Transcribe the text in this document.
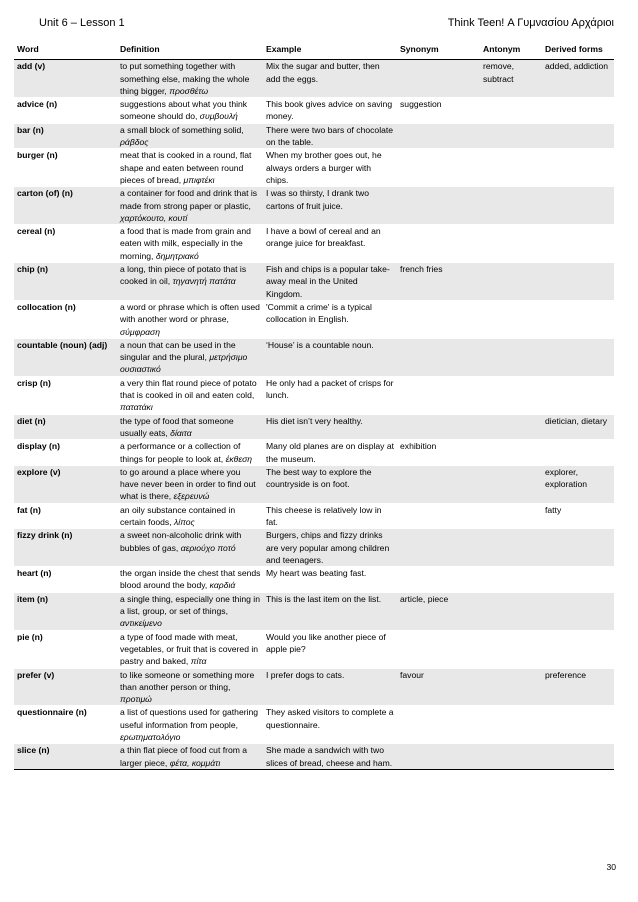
Unit 6 – Lesson 1	Think Teen! Α Γυμνασίου Αρχάριοι
Word	Definition	Example	Synonym	Antonym	Derived forms
add (v)	to put something together with something else, making the whole thing bigger, προσθέτω	Mix the sugar and butter, then add the eggs.		remove, subtract	added, addiction
advice (n)	suggestions about what you think someone should do, συμβουλή	This book gives advice on saving money.	suggestion		
bar (n)	a small block of something solid, ράβδος	There were two bars of chocolate on the table.			
burger (n)	meat that is cooked in a round, flat shape and eaten between round pieces of bread, μπιφτέκι	When my brother goes out, he always orders a burger with chips.			
carton (of) (n)	a container for food and drink that is made from strong paper or plastic, χαρτόκουτο, κουτί	I was so thirsty, I drank two cartons of fruit juice.			
cereal (n)	a food that is made from grain and eaten with milk, especially in the morning, δημητριακό	I have a bowl of cereal and an orange juice for breakfast.			
chip (n)	a long, thin piece of potato that is cooked in oil, τηγανητή πατάτα	Fish and chips is a popular take-away meal in the United Kingdom.	french fries		
collocation (n)	a word or phrase which is often used with another word or phrase, σύμφραση	'Commit a crime' is a typical collocation in English.			
countable (noun) (adj)	a noun that can be used in the singular and the plural, μετρήσιμο ουσιαστικό	‘House’ is a countable noun.			
crisp (n)	a very thin flat round piece of potato that is cooked in oil and eaten cold, πατατάκι	He only had a packet of crisps for lunch.			
diet (n)	the type of food that someone usually eats, δίαιτα	His diet isn’t very healthy.			dietician, dietary
display (n)	a performance or a collection of things for people to look at, έκθεση	Many old planes are on display at the museum.	exhibition		
explore (v)	to go around a place where you have never been in order to find out what is there, εξερευνώ	The best way to explore the countryside is on foot.			explorer, exploration
fat (n)	an oily substance contained in certain foods, λίπος	This cheese is relatively low in fat.			fatty
fizzy drink (n)	a sweet non-alcoholic drink with bubbles of gas, αεριούχο ποτό	Burgers, chips and fizzy drinks are very popular among children and teenagers.			
heart (n)	the organ inside the chest that sends blood around the body, καρδιά	My heart was beating fast.			
item (n)	a single thing, especially one thing in a list, group, or set of things, αντικείμενο	This is the last item on the list.	article, piece		
pie (n)	a type of food made with meat, vegetables, or fruit that is covered in pastry and baked, πίτα	Would you like another piece of apple pie?			
prefer (v)	to like someone or something more than another person or thing, προτιμώ	I prefer dogs to cats.	favour		preference
questionnaire (n)	a list of questions used for gathering useful information from people, ερωτηματολόγιο	They asked visitors to complete a questionnaire.			
slice (n)	a thin flat piece of food cut from a larger piece, φέτα, κομμάτι	She made a sandwich with two slices of bread, cheese and ham.			
30
